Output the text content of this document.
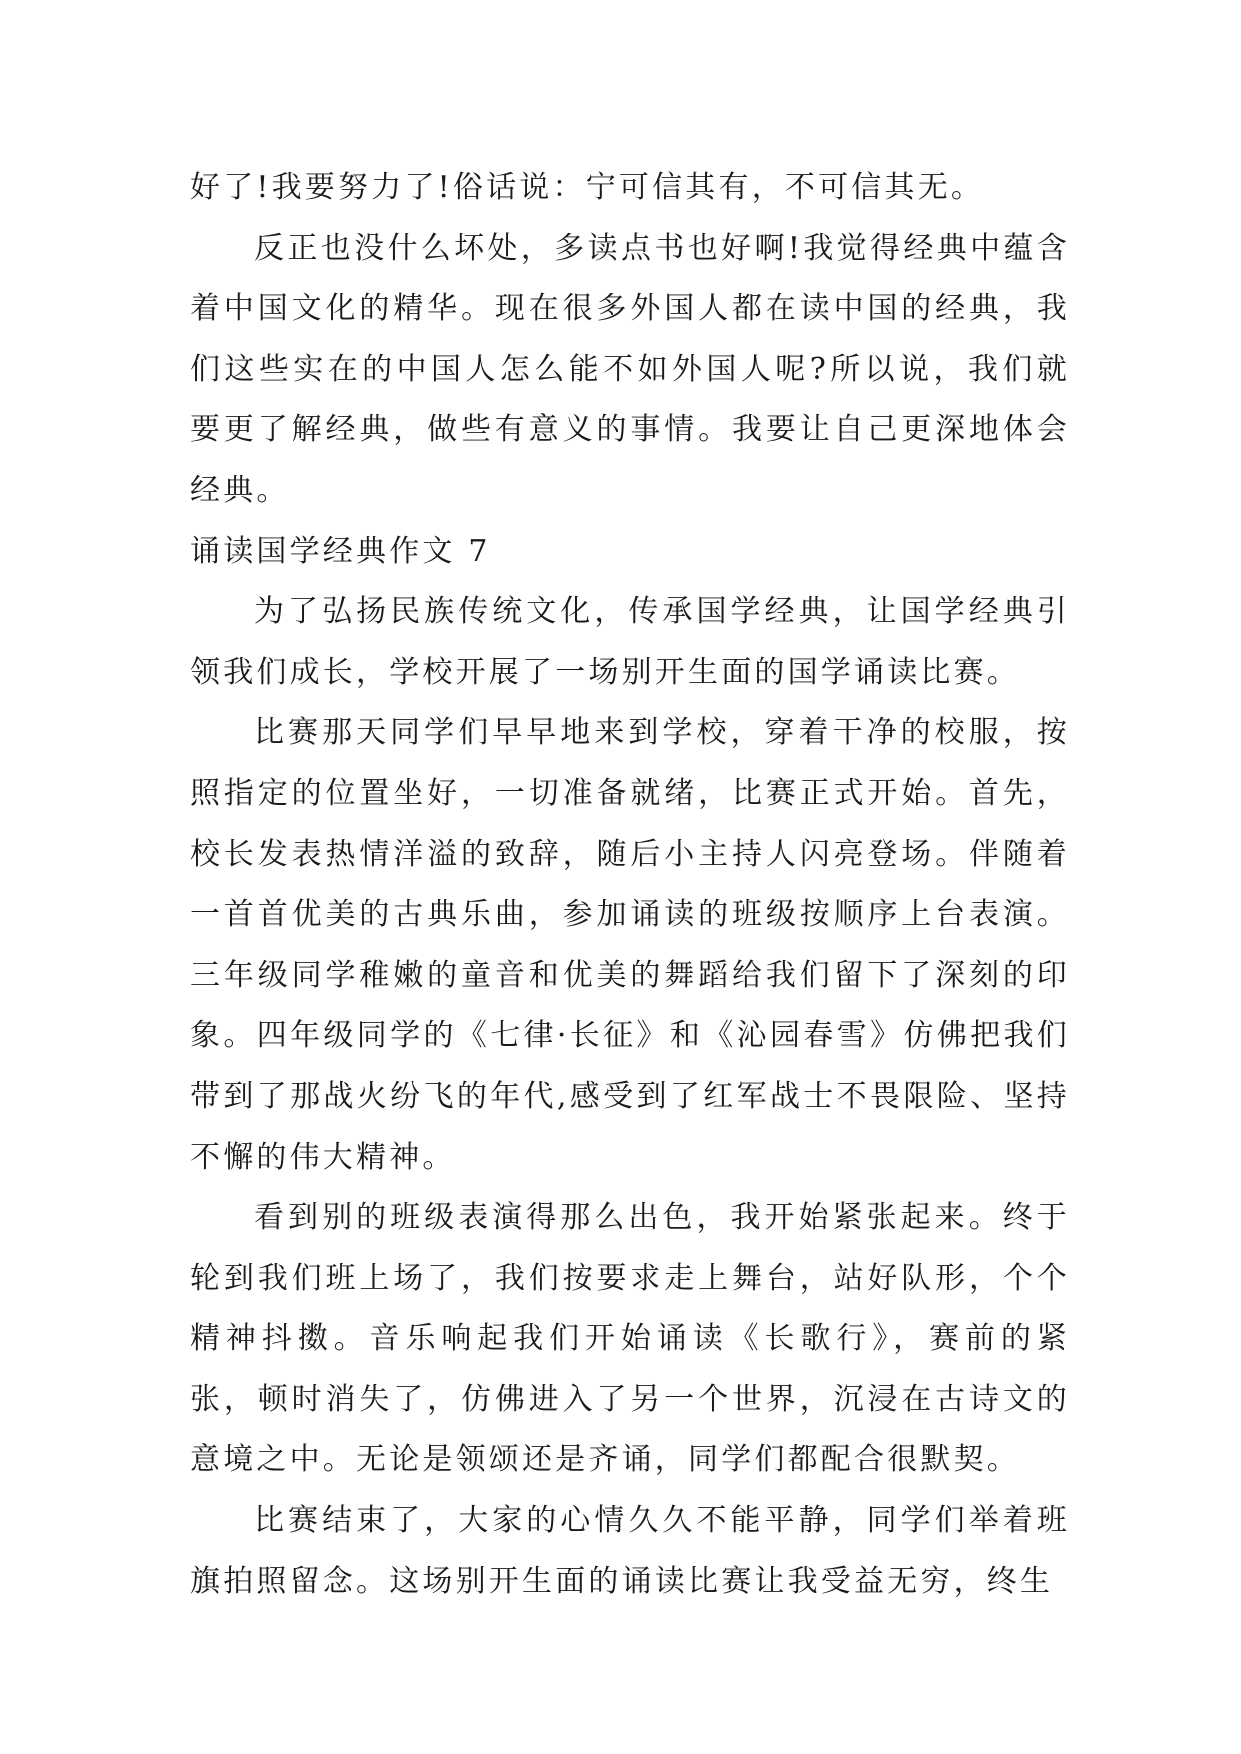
好了!我要努力了!俗话说：宁可信其有，不可信其无。

反正也没什么坏处，多读点书也好啊!我觉得经典中蕴含着中国文化的精华。现在很多外国人都在读中国的经典，我们这些实在的中国人怎么能不如外国人呢?所以说，我们就要更了解经典，做些有意义的事情。我要让自己更深地体会经典。

诵读国学经典作文 7

为了弘扬民族传统文化，传承国学经典，让国学经典引领我们成长，学校开展了一场别开生面的国学诵读比赛。

比赛那天同学们早早地来到学校，穿着干净的校服，按照指定的位置坐好，一切准备就绪，比赛正式开始。首先，校长发表热情洋溢的致辞，随后小主持人闪亮登场。伴随着一首首优美的古典乐曲，参加诵读的班级按顺序上台表演。三年级同学稚嫩的童音和优美的舞蹈给我们留下了深刻的印象。四年级同学的《七律·长征》和《沁园春雪》仿佛把我们带到了那战火纷飞的年代,感受到了红军战士不畏限险、坚持不懈的伟大精神。

看到别的班级表演得那么出色，我开始紧张起来。终于轮到我们班上场了，我们按要求走上舞台，站好队形，个个精神抖擞。音乐响起我们开始诵读《长歌行》，赛前的紧张，顿时消失了，仿佛进入了另一个世界，沉浸在古诗文的意境之中。无论是领颂还是齐诵，同学们都配合很默契。

比赛结束了，大家的心情久久不能平静，同学们举着班旗拍照留念。这场别开生面的诵读比赛让我受益无穷，终生
